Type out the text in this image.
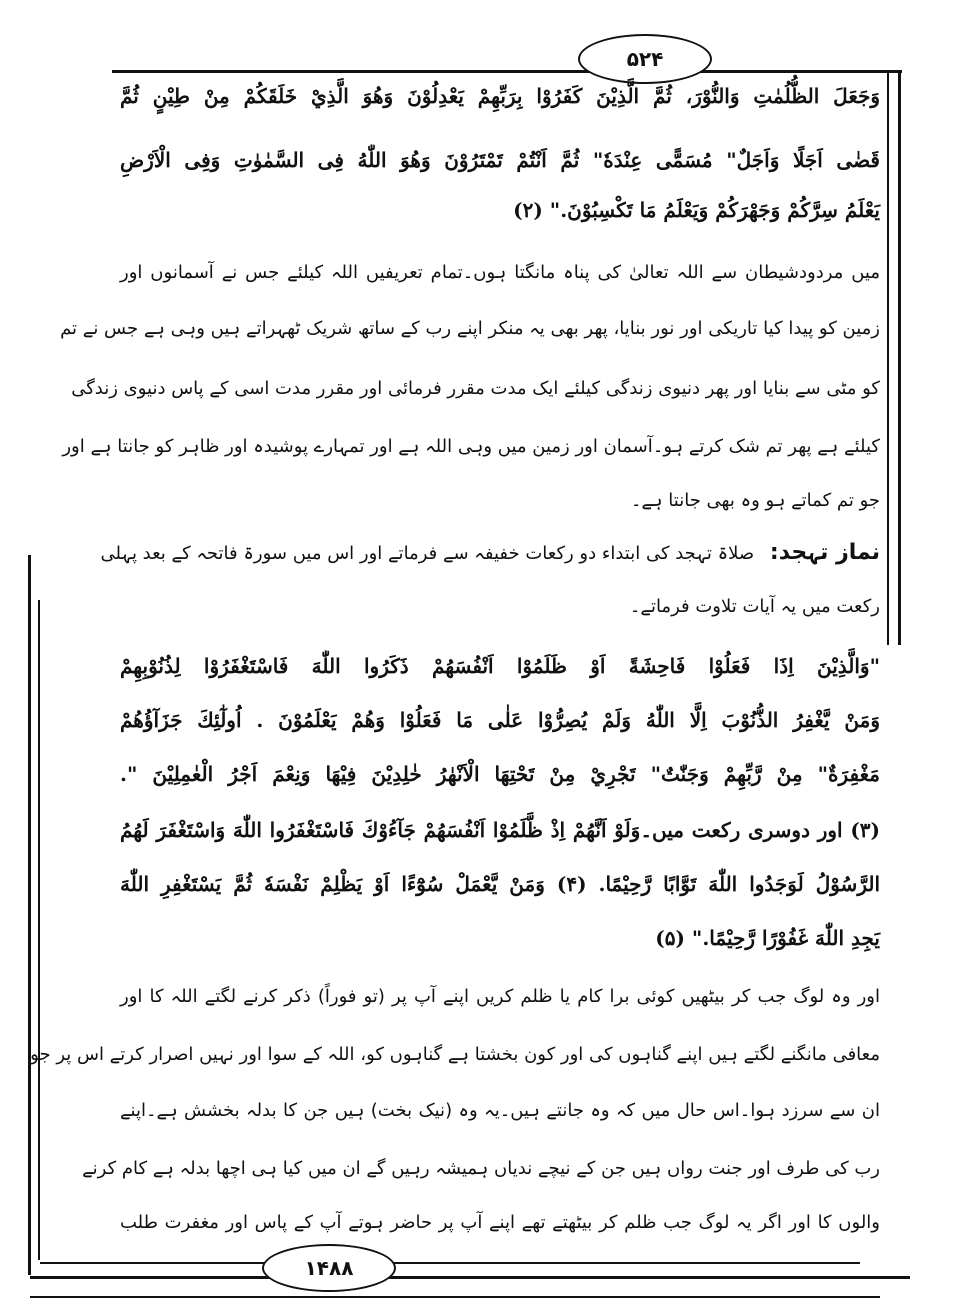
۵۲۴
۱۴۸۸
وَجَعَلَ الظُّلُمٰتِ وَالنُّوْرَ، ثُمَّ الَّذِيْنَ كَفَرُوْا بِرَبِّهِمْ يَعْدِلُوْنَ وَهُوَ الَّذِيْ خَلَقَكُمْ مِنْ طِيْنٍ ثُمَّ
قَضٰى اَجَلًا وَاَجَلٌ" مُسَمًّى عِنْدَهٗ" ثُمَّ اَنْتُمْ تَمْتَرُوْنَ وَهُوَ اللّٰهُ فِى السَّمٰوٰتِ وَفِى الْاَرْضِ
يَعْلَمُ سِرَّكُمْ وَجَهْرَكُمْ وَيَعْلَمُ مَا تَكْسِبُوْنَ." (۲)
میں مردودشیطان سے اللہ تعالیٰ کی پناہ مانگتا ہوں۔تمام تعریفیں اللہ کیلئے جس نے آسمانوں اور
زمین کو پیدا کیا تاریکی اور نور بنایا، پھر بھی یہ منکر اپنے رب کے ساتھ شریک ٹھہراتے ہیں وہی ہے جس نے تم
کو مٹی سے بنایا اور پھر دنیوی زندگی کیلئے ایک مدت مقرر فرمائی اور مقرر مدت اسی کے پاس دنیوی زندگی
کیلئے ہے پھر تم شک کرتے ہو۔آسمان اور زمین میں وہی اللہ ہے اور تمہارے پوشیدہ اور ظاہر کو جانتا ہے اور
جو تم کماتے ہو وہ بھی جانتا ہے۔
نماز تہجد: صلاۃ تہجد کی ابتداء دو رکعات خفیفہ سے فرماتے اور اس میں سورۃ فاتحہ کے بعد پہلی
رکعت میں یہ آیات تلاوت فرماتے۔
"وَالَّذِيْنَ اِذَا فَعَلُوْا فَاحِشَةً اَوْ ظَلَمُوْا اَنْفُسَهُمْ ذَكَرُوا اللّٰهَ فَاسْتَغْفَرُوْا لِذُنُوْبِهِمْ
وَمَنْ يَّغْفِرُ الذُّنُوْبَ اِلَّا اللّٰهُ وَلَمْ يُصِرُّوْا عَلٰى مَا فَعَلُوْا وَهُمْ يَعْلَمُوْنَ . اُولٰٓئِكَ جَزَآؤُهُمْ
مَغْفِرَةٌ" مِنْ رَّبِّهِمْ وَجَنّٰتٌ" تَجْرِيْ مِنْ تَحْتِهَا الْاَنْهٰرُ خٰلِدِيْنَ فِيْهَا وَنِعْمَ اَجْرُ الْعٰمِلِيْنَ ".
(۳) اور دوسری رکعت میں۔وَلَوْ اَنَّهُمْ اِذْ ظَّلَمُوْا اَنْفُسَهُمْ جَآءُوْكَ فَاسْتَغْفَرُوا اللّٰهَ وَاسْتَغْفَرَ لَهُمُ
الرَّسُوْلُ لَوَجَدُوا اللّٰهَ تَوَّابًا رَّحِيْمًا. (۴) وَمَنْ يَّعْمَلْ سُوْٓءًا اَوْ يَظْلِمْ نَفْسَهٗ ثُمَّ يَسْتَغْفِرِ اللّٰهَ
يَجِدِ اللّٰهَ غَفُوْرًا رَّحِيْمًا." (۵)
اور وہ لوگ جب کر بیٹھیں کوئی برا کام یا ظلم کریں اپنے آپ پر (تو فوراً) ذکر کرنے لگتے اللہ کا اور
معافی مانگنے لگتے ہیں اپنے گناہوں کی اور کون بخشتا ہے گناہوں کو، اللہ کے سوا اور نہیں اصرار کرتے اس پر جو
ان سے سرزد ہوا۔اس حال میں کہ وہ جانتے ہیں۔یہ وہ (نیک بخت) ہیں جن کا بدلہ بخشش ہے۔اپنے
رب کی طرف اور جنت رواں ہیں جن کے نیچے ندیاں ہمیشہ رہیں گے ان میں کیا ہی اچھا بدلہ ہے کام کرنے
والوں کا اور اگر یہ لوگ جب ظلم کر بیٹھتے تھے اپنے آپ پر حاضر ہوتے آپ کے پاس اور مغفرت طلب
